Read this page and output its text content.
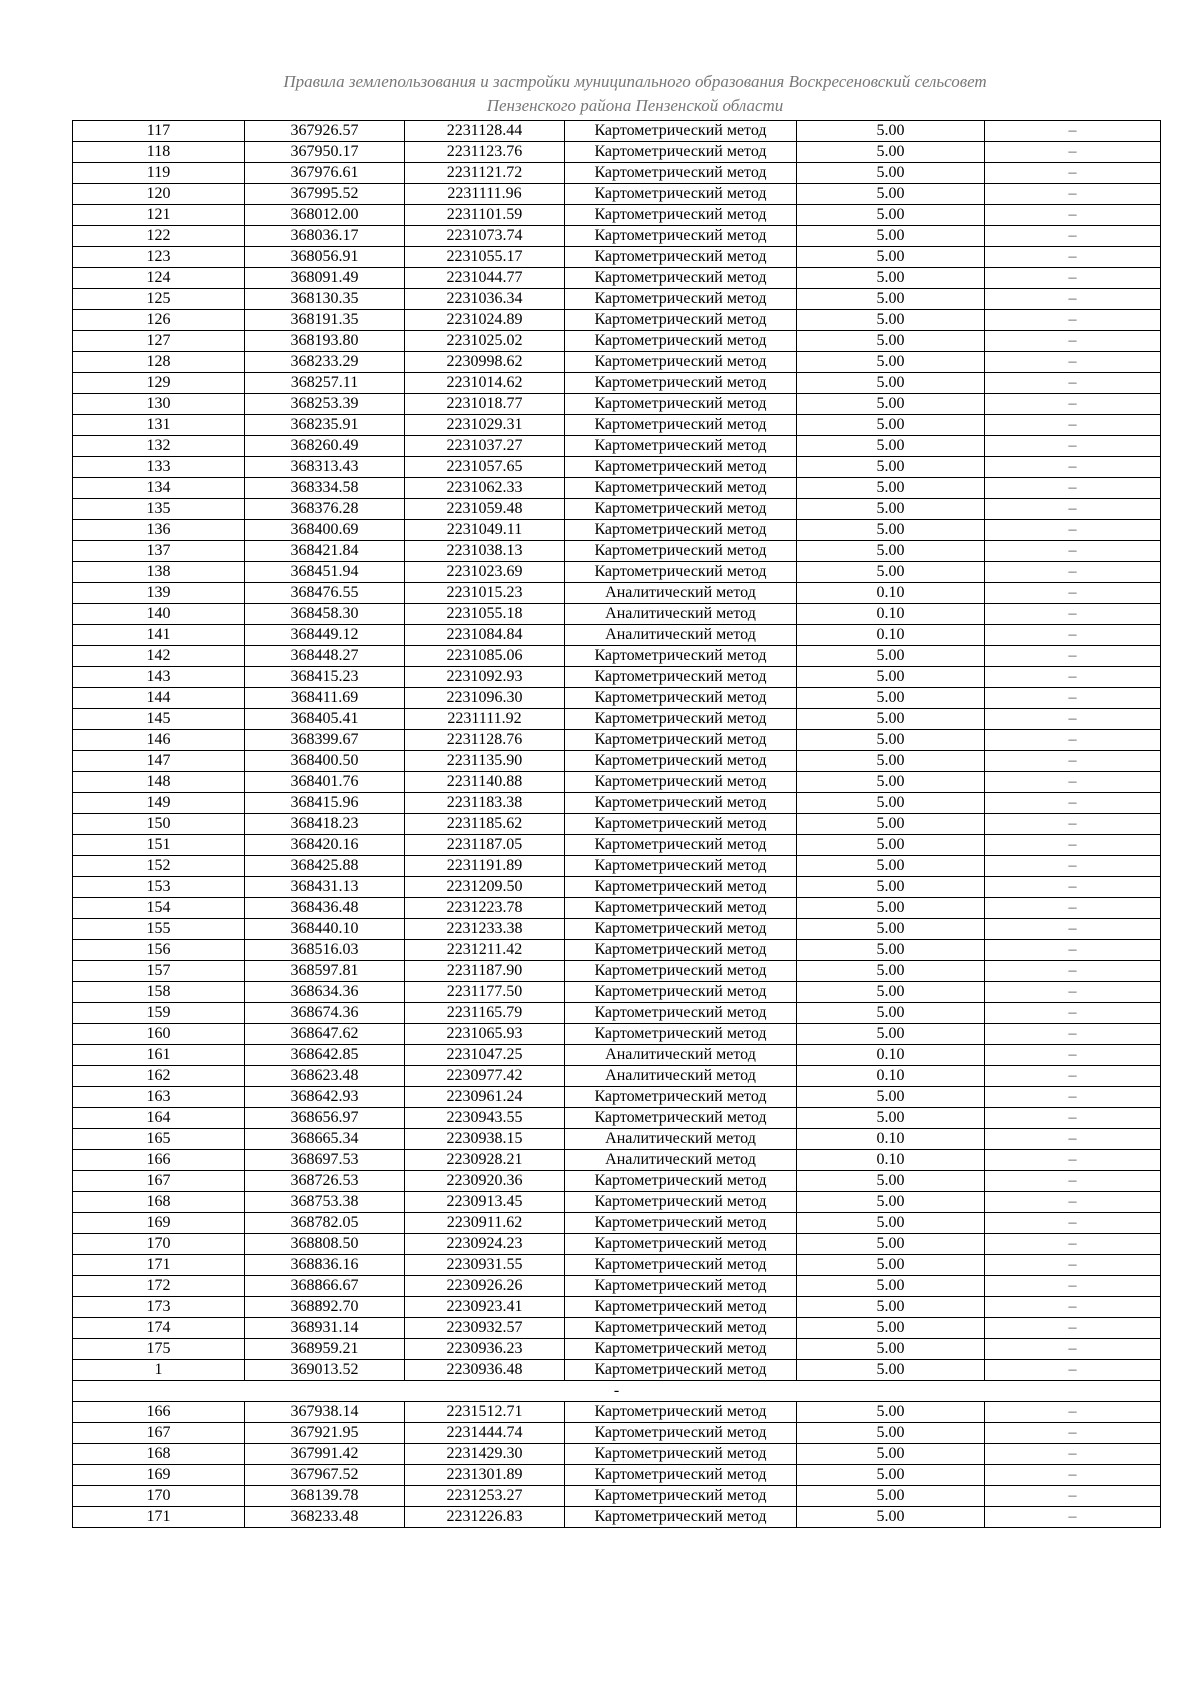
Правила землепользования и застройки муниципального образования Воскресеновский сельсовет
Пензенского района Пензенской области
117	367926.57	2231128.44	Картометрический метод	5.00	–
118	367950.17	2231123.76	Картометрический метод	5.00	–
119	367976.61	2231121.72	Картометрический метод	5.00	–
120	367995.52	2231111.96	Картометрический метод	5.00	–
121	368012.00	2231101.59	Картометрический метод	5.00	–
122	368036.17	2231073.74	Картометрический метод	5.00	–
123	368056.91	2231055.17	Картометрический метод	5.00	–
124	368091.49	2231044.77	Картометрический метод	5.00	–
125	368130.35	2231036.34	Картометрический метод	5.00	–
126	368191.35	2231024.89	Картометрический метод	5.00	–
127	368193.80	2231025.02	Картометрический метод	5.00	–
128	368233.29	2230998.62	Картометрический метод	5.00	–
129	368257.11	2231014.62	Картометрический метод	5.00	–
130	368253.39	2231018.77	Картометрический метод	5.00	–
131	368235.91	2231029.31	Картометрический метод	5.00	–
132	368260.49	2231037.27	Картометрический метод	5.00	–
133	368313.43	2231057.65	Картометрический метод	5.00	–
134	368334.58	2231062.33	Картометрический метод	5.00	–
135	368376.28	2231059.48	Картометрический метод	5.00	–
136	368400.69	2231049.11	Картометрический метод	5.00	–
137	368421.84	2231038.13	Картометрический метод	5.00	–
138	368451.94	2231023.69	Картометрический метод	5.00	–
139	368476.55	2231015.23	Аналитический метод	0.10	–
140	368458.30	2231055.18	Аналитический метод	0.10	–
141	368449.12	2231084.84	Аналитический метод	0.10	–
142	368448.27	2231085.06	Картометрический метод	5.00	–
143	368415.23	2231092.93	Картометрический метод	5.00	–
144	368411.69	2231096.30	Картометрический метод	5.00	–
145	368405.41	2231111.92	Картометрический метод	5.00	–
146	368399.67	2231128.76	Картометрический метод	5.00	–
147	368400.50	2231135.90	Картометрический метод	5.00	–
148	368401.76	2231140.88	Картометрический метод	5.00	–
149	368415.96	2231183.38	Картометрический метод	5.00	–
150	368418.23	2231185.62	Картометрический метод	5.00	–
151	368420.16	2231187.05	Картометрический метод	5.00	–
152	368425.88	2231191.89	Картометрический метод	5.00	–
153	368431.13	2231209.50	Картометрический метод	5.00	–
154	368436.48	2231223.78	Картометрический метод	5.00	–
155	368440.10	2231233.38	Картометрический метод	5.00	–
156	368516.03	2231211.42	Картометрический метод	5.00	–
157	368597.81	2231187.90	Картометрический метод	5.00	–
158	368634.36	2231177.50	Картометрический метод	5.00	–
159	368674.36	2231165.79	Картометрический метод	5.00	–
160	368647.62	2231065.93	Картометрический метод	5.00	–
161	368642.85	2231047.25	Аналитический метод	0.10	–
162	368623.48	2230977.42	Аналитический метод	0.10	–
163	368642.93	2230961.24	Картометрический метод	5.00	–
164	368656.97	2230943.55	Картометрический метод	5.00	–
165	368665.34	2230938.15	Аналитический метод	0.10	–
166	368697.53	2230928.21	Аналитический метод	0.10	–
167	368726.53	2230920.36	Картометрический метод	5.00	–
168	368753.38	2230913.45	Картометрический метод	5.00	–
169	368782.05	2230911.62	Картометрический метод	5.00	–
170	368808.50	2230924.23	Картометрический метод	5.00	–
171	368836.16	2230931.55	Картометрический метод	5.00	–
172	368866.67	2230926.26	Картометрический метод	5.00	–
173	368892.70	2230923.41	Картометрический метод	5.00	–
174	368931.14	2230932.57	Картометрический метод	5.00	–
175	368959.21	2230936.23	Картометрический метод	5.00	–
1	369013.52	2230936.48	Картометрический метод	5.00	–
-					
166	367938.14	2231512.71	Картометрический метод	5.00	–
167	367921.95	2231444.74	Картометрический метод	5.00	–
168	367991.42	2231429.30	Картометрический метод	5.00	–
169	367967.52	2231301.89	Картометрический метод	5.00	–
170	368139.78	2231253.27	Картометрический метод	5.00	–
171	368233.48	2231226.83	Картометрический метод	5.00	–
